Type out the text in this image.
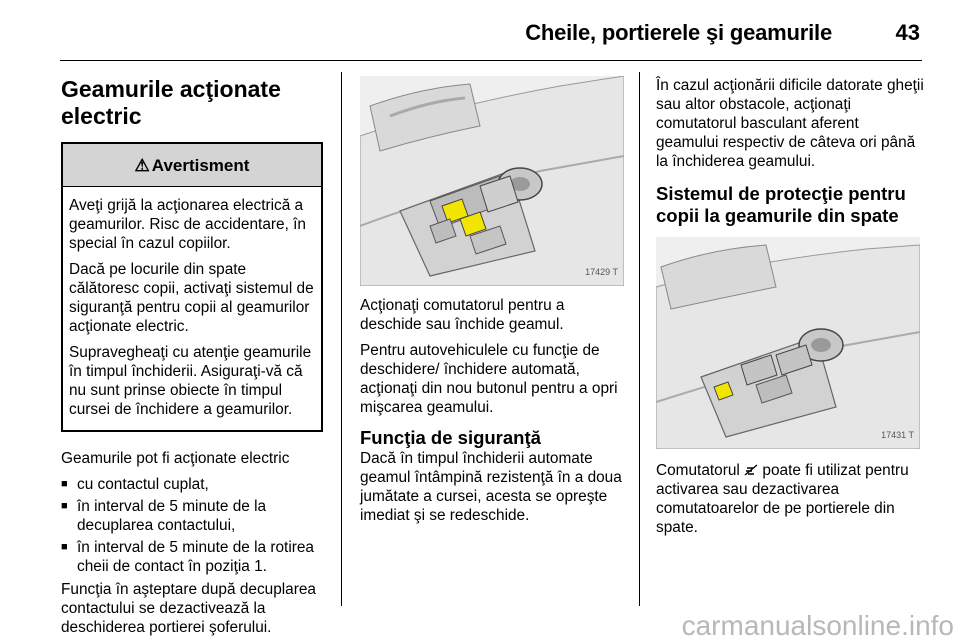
Cheile, portierele şi geamurile	43
Geamurile acţionate electric
⚠ Avertisment

Aveţi grijă la acţionarea electrică a geamurilor. Risc de accidentare, în special în cazul copiilor.

Dacă pe locurile din spate călătoresc copii, activaţi sistemul de siguranţă pentru copii al geamurilor acţionate electric.

Supravegheaţi cu atenţie geamurile în timpul închiderii. Asiguraţi-vă că nu sunt prinse obiecte în timpul cursei de închidere a geamurilor.

Geamurile pot fi acţionate electric

■ cu contactul cuplat,
■ în interval de 5 minute de la decuplarea contactului,
■ în interval de 5 minute de la rotirea cheii de contact în poziţia 1.

Funcţia în aşteptare după decuplarea contactului se dezactivează la deschiderea portierei şoferului.

17429 T

Acţionaţi comutatorul pentru a deschide sau închide geamul.

Pentru autovehiculele cu funcţie de deschidere/ închidere automată, acţionaţi din nou butonul pentru a opri mişcarea geamului.

Funcţia de siguranţă

Dacă în timpul închiderii automate geamul întâmpină rezistenţă în a doua jumătate a cursei, acesta se opreşte imediat şi se redeschide.

În cazul acţionării dificile datorate gheţii sau altor obstacole, acţionaţi comutatorul basculant aferent geamului respectiv de câteva ori până la închiderea geamului.

Sistemul de protecţie pentru copii la geamurile din spate
17431 T

Comutatorul poate fi utilizat pentru activarea sau dezactivarea comutatoarelor de pe portierele din spate.

carmanualsonline.info
